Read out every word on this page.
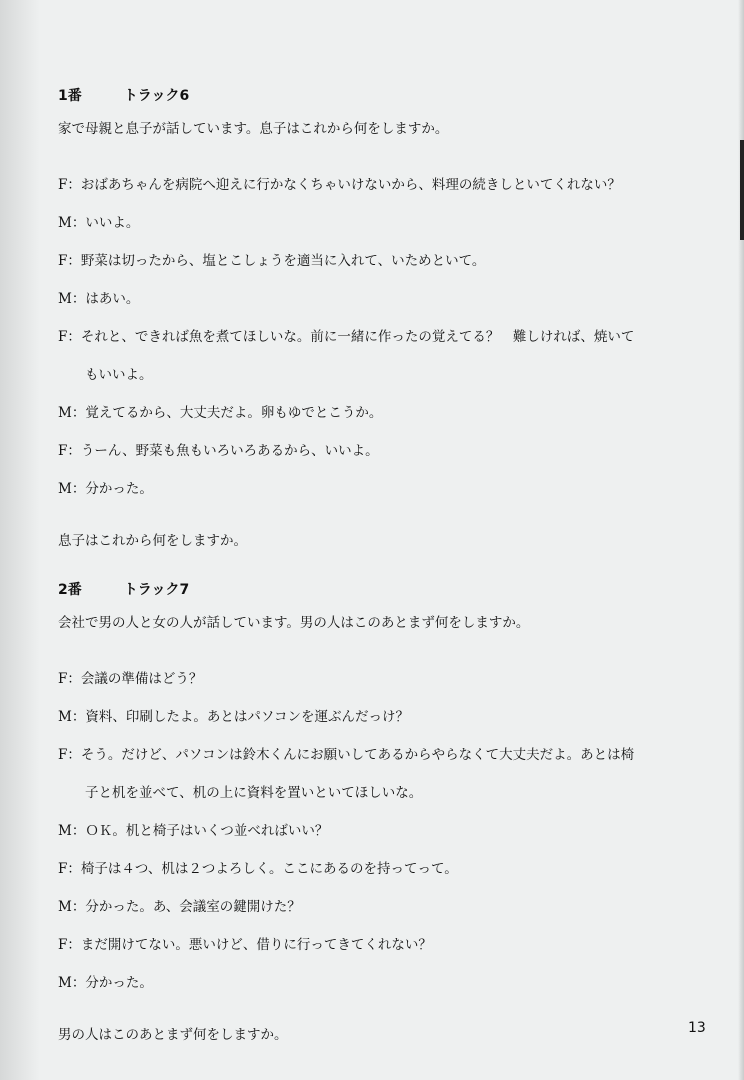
1番	トラック6
家で母親と息子が話しています。息子はこれから何をしますか。
F：おばあちゃんを病院へ迎えに行かなくちゃいけないから、料理の続きしといてくれない？
M：いいよ。
F：野菜は切ったから、塩とこしょうを適当に入れて、いためといて。
M：はあい。
F：それと、できれば魚を煮てほしいな。前に一緒に作ったの覚えてる？　難しければ、焼いて
　　もいいよ。
M：覚えてるから、大丈夫だよ。卵もゆでとこうか。
F：うーん、野菜も魚もいろいろあるから、いいよ。
M：分かった。
息子はこれから何をしますか。
2番	トラック7
会社で男の人と女の人が話しています。男の人はこのあとまず何をしますか。
F：会議の準備はどう？
M：資料、印刷したよ。あとはパソコンを運ぶんだっけ？
F：そう。だけど、パソコンは鈴木くんにお願いしてあるからやらなくて大丈夫だよ。あとは椅
　　子と机を並べて、机の上に資料を置いといてほしいな。
M：ＯＫ。机と椅子はいくつ並べればいい？
F：椅子は４つ、机は２つよろしく。ここにあるのを持ってって。
M：分かった。あ、会議室の鍵開けた？
F：まだ開けてない。悪いけど、借りに行ってきてくれない？
M：分かった。
男の人はこのあとまず何をしますか。	13
